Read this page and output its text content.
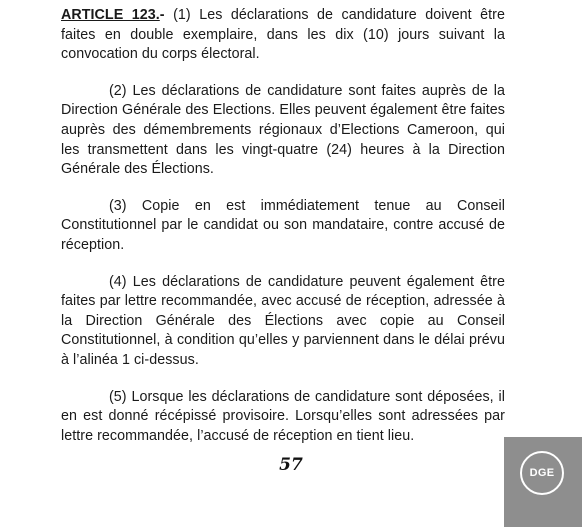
ARTICLE 123.- (1) Les déclarations de candidature doivent être faites en double exemplaire, dans les dix (10) jours suivant la convocation du corps électoral.

(2) Les déclarations de candidature sont faites auprès de la Direction Générale des Elections. Elles peuvent également être faites auprès des démembrements régionaux d’Elections Cameroon, qui les transmettent dans les vingt-quatre (24) heures à la Direction Générale des Élections.

(3) Copie en est immédiatement tenue au Conseil Constitutionnel par le candidat ou son mandataire, contre accusé de réception.

(4) Les déclarations de candidature peuvent également être faites par lettre recommandée, avec accusé de réception, adressée à la Direction Générale des Élections avec copie au Conseil Constitutionnel, à condition qu’elles y parviennent dans le délai prévu à l’alinéa 1 ci-dessus.

(5) Lorsque les déclarations de candidature sont déposées, il en est donné récépissé provisoire. Lorsqu’elles sont adressées par lettre recommandée, l’accusé de réception en tient lieu.

57	DGE
